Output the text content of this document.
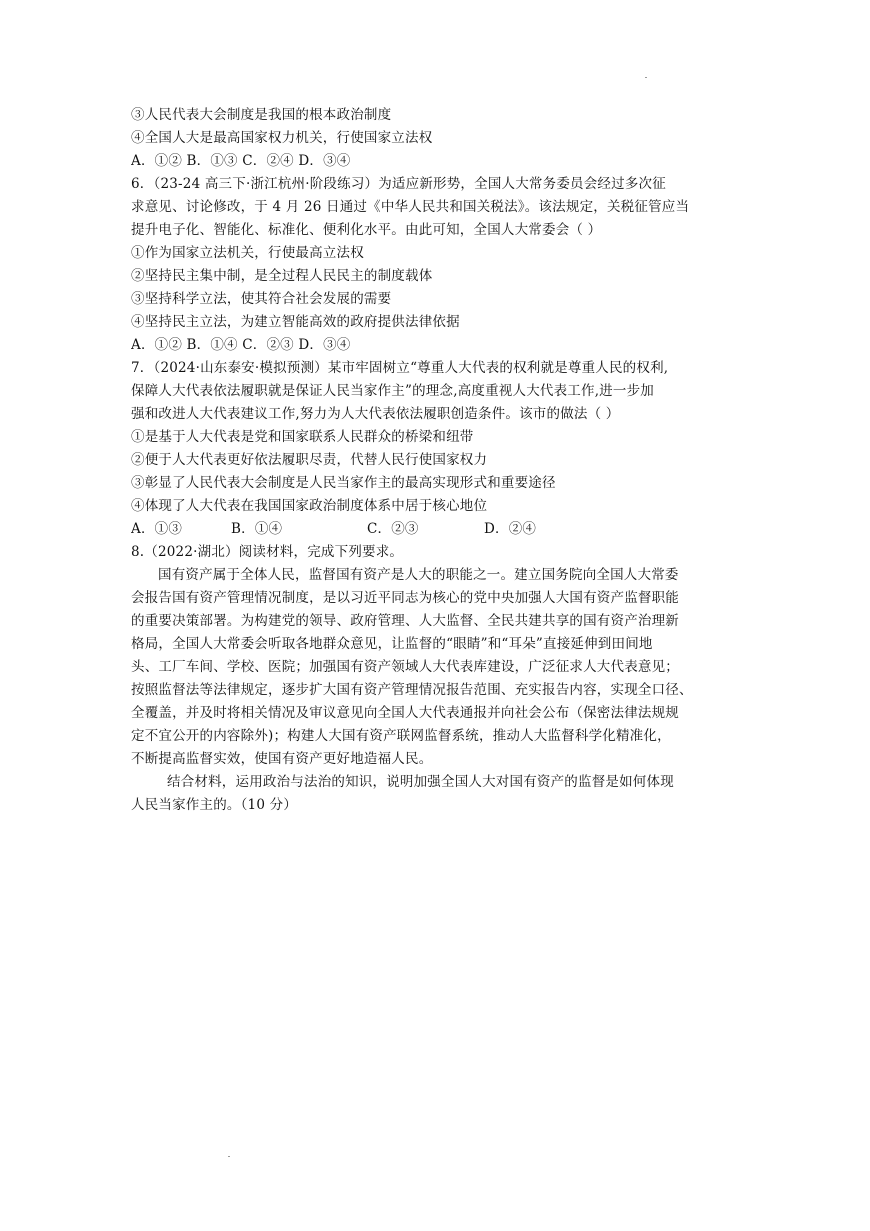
③人民代表大会制度是我国的根本政治制度
④全国人大是最高国家权力机关，行使国家立法权
A．①② B．①③ C．②④ D．③④
6．（23-24 高三下·浙江杭州·阶段练习）为适应新形势，全国人大常务委员会经过多次征
求意见、讨论修改，于 4 月 26 日通过《中华人民共和国关税法》。该法规定，关税征管应当
提升电子化、智能化、标准化、便利化水平。由此可知，全国人大常委会（ ）
①作为国家立法机关，行使最高立法权
②坚持民主集中制，是全过程人民民主的制度载体
③坚持科学立法，使其符合社会发展的需要
④坚持民主立法，为建立智能高效的政府提供法律依据
A．①② B．①④ C．②③ D．③④
7．（2024·山东泰安·模拟预测）某市牢固树立“尊重人大代表的权利就是尊重人民的权利,
保障人大代表依法履职就是保证人民当家作主”的理念,高度重视人大代表工作,进一步加
强和改进人大代表建议工作,努力为人大代表依法履职创造条件。该市的做法（ ）
①是基于人大代表是党和国家联系人民群众的桥梁和纽带
②便于人大代表更好依法履职尽责，代替人民行使国家权力
③彰显了人民代表大会制度是人民当家作主的最高实现形式和重要途径
④体现了人大代表在我国国家政治制度体系中居于核心地位
A．①③	B．①④	C．②③	D．②④
8.（2022·湖北）阅读材料，完成下列要求。
国有资产属于全体人民，监督国有资产是人大的职能之一。建立国务院向全国人大常委
会报告国有资产管理情况制度，是以习近平同志为核心的党中央加强人大国有资产监督职能
的重要决策部署。为构建党的领导、政府管理、人大监督、全民共建共享的国有资产治理新
格局，全国人大常委会听取各地群众意见，让监督的“眼睛”和“耳朵”直接延伸到田间地
头、工厂车间、学校、医院；加强国有资产领域人大代表库建设，广泛征求人大代表意见；
按照监督法等法律规定，逐步扩大国有资产管理情况报告范围、充实报告内容，实现全口径、
全覆盖，并及时将相关情况及审议意见向全国人大代表通报并向社会公布（保密法律法规规
定不宜公开的内容除外)；构建人大国有资产联网监督系统，推动人大监督科学化精准化，
不断提高监督实效，使国有资产更好地造福人民。
结合材料，运用政治与法治的知识，说明加强全国人大对国有资产的监督是如何体现
人民当家作主的。（10 分）
